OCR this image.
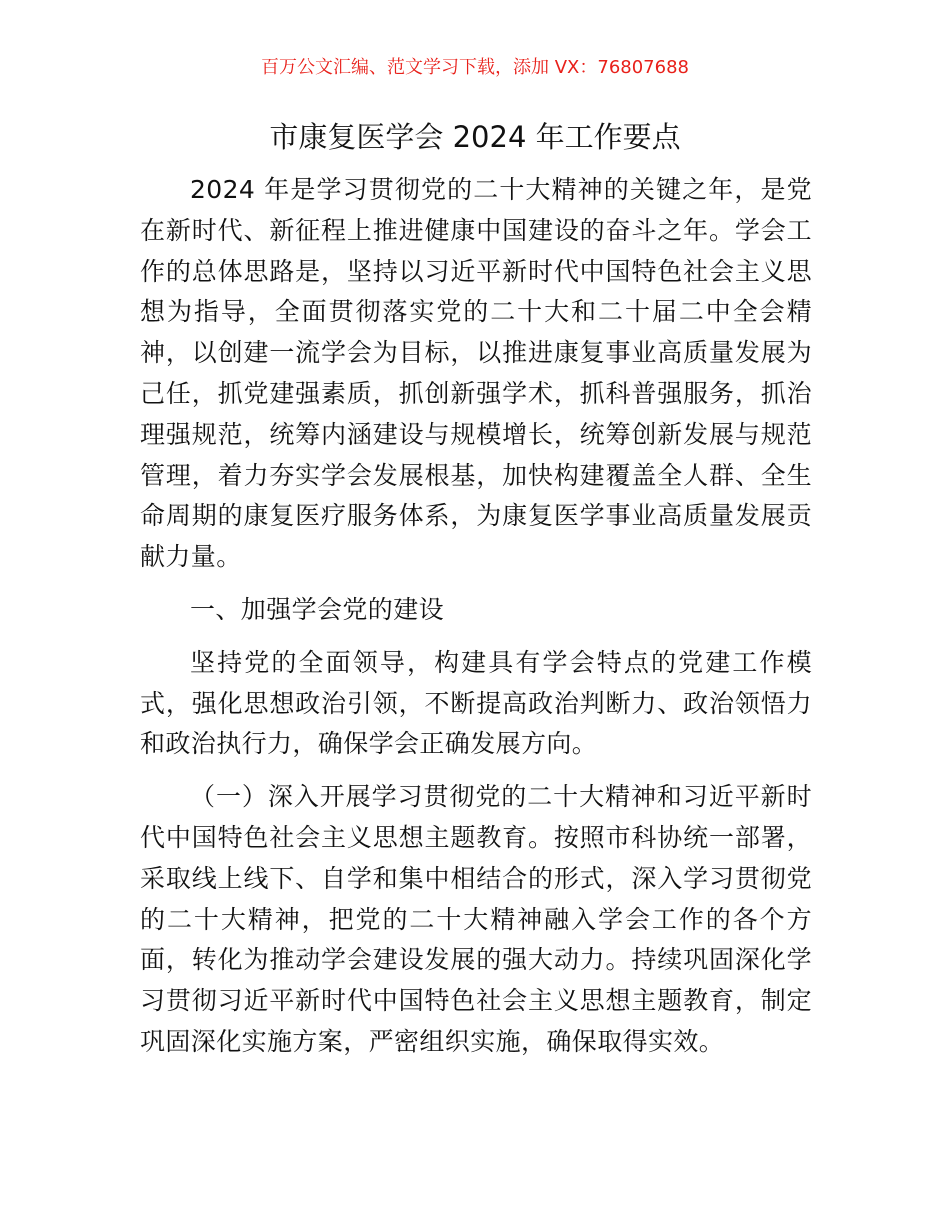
百万公文汇编、范文学习下载，添加 VX：76807688
市康复医学会 2024 年工作要点

2024 年是学习贯彻党的二十大精神的关键之年，是党在新时代、新征程上推进健康中国建设的奋斗之年。学会工作的总体思路是，坚持以习近平新时代中国特色社会主义思想为指导，全面贯彻落实党的二十大和二十届二中全会精神，以创建一流学会为目标，以推进康复事业高质量发展为己任，抓党建强素质，抓创新强学术，抓科普强服务，抓治理强规范，统筹内涵建设与规模增长，统筹创新发展与规范管理，着力夯实学会发展根基，加快构建覆盖全人群、全生命周期的康复医疗服务体系，为康复医学事业高质量发展贡献力量。

一、加强学会党的建设

坚持党的全面领导，构建具有学会特点的党建工作模式，强化思想政治引领，不断提高政治判断力、政治领悟力和政治执行力，确保学会正确发展方向。

（一）深入开展学习贯彻党的二十大精神和习近平新时代中国特色社会主义思想主题教育。按照市科协统一部署，采取线上线下、自学和集中相结合的形式，深入学习贯彻党的二十大精神，把党的二十大精神融入学会工作的各个方面，转化为推动学会建设发展的强大动力。持续巩固深化学习贯彻习近平新时代中国特色社会主义思想主题教育，制定巩固深化实施方案，严密组织实施，确保取得实效。
